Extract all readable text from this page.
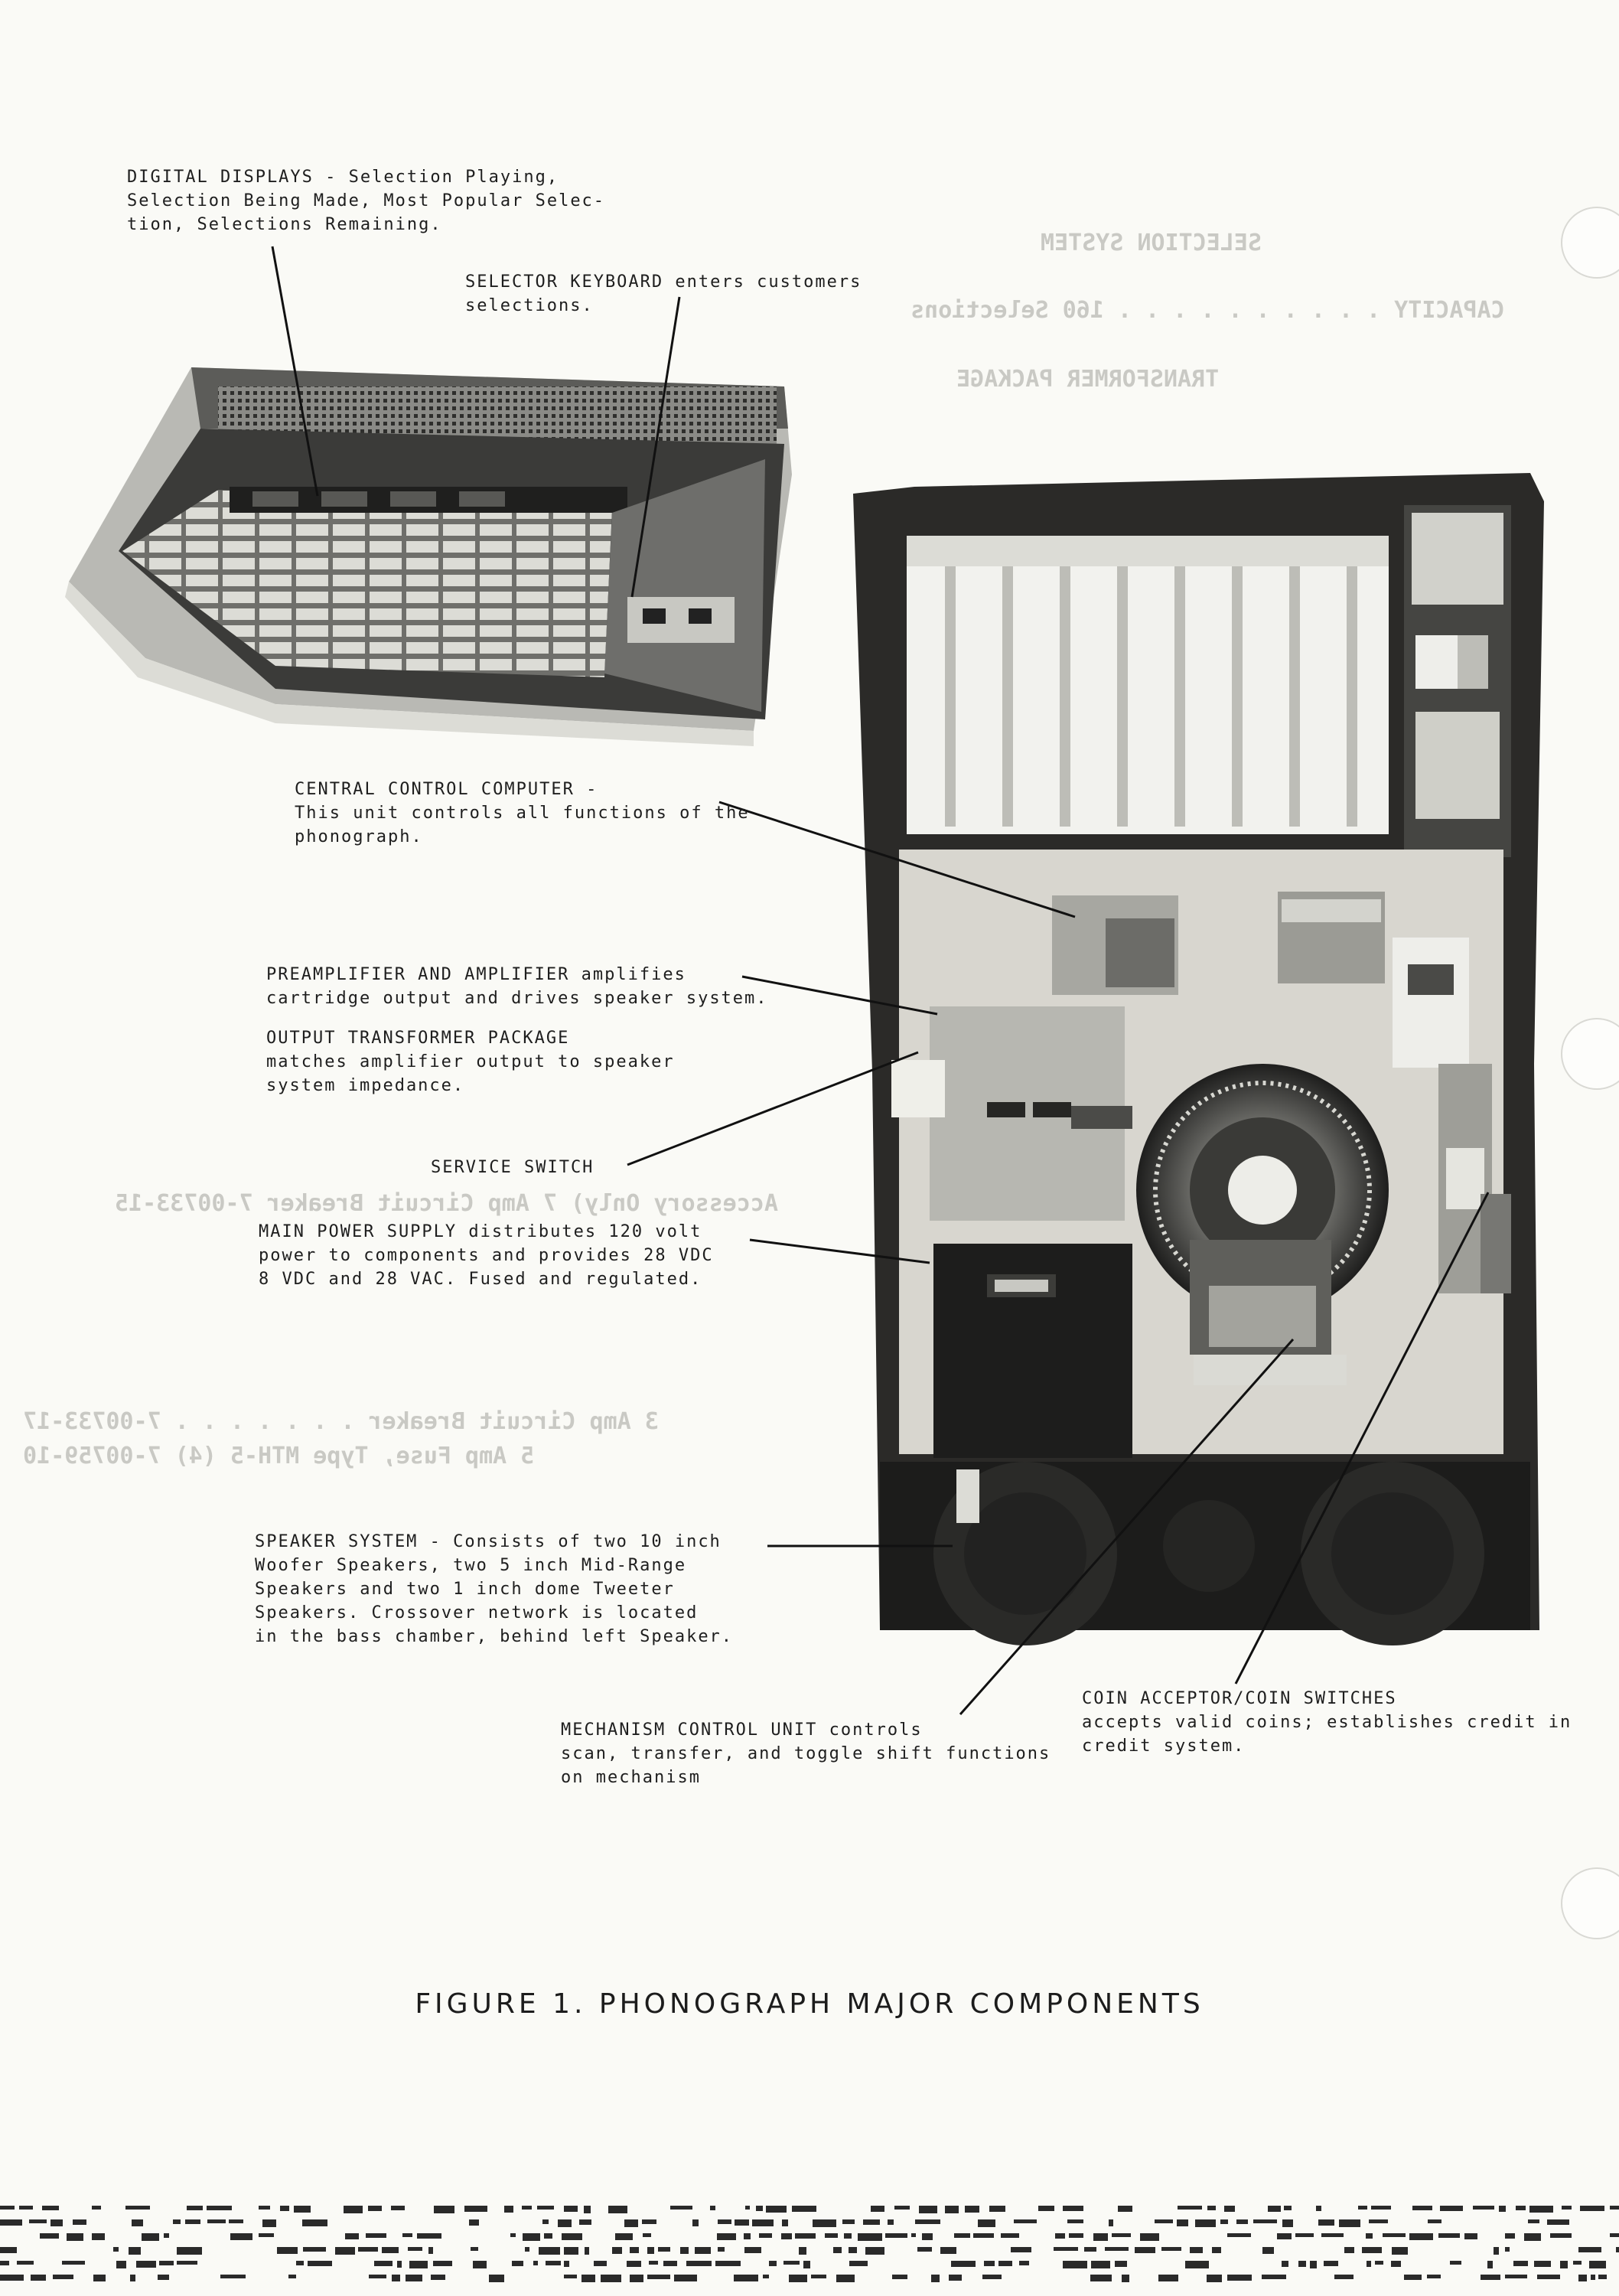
SELECTION SYSTEM
CAPACITY . . . . . . . . . . 160 Selections
TRANSFORMER PACKAGE
Accessory Only) 7 Amp Circuit Breaker 7-00733-15
3 Amp Circuit Breaker . . . . . . . 7-00733-17
5 Amp Fuse, Type MTH-5 (4) 7-00759-10
DIGITAL DISPLAYS - Selection Playing,
Selection Being Made, Most Popular Selec-
tion, Selections Remaining.
SELECTOR KEYBOARD enters customers
selections.
CENTRAL CONTROL COMPUTER -
This unit controls all functions of the
phonograph.
PREAMPLIFIER AND AMPLIFIER amplifies
cartridge output and drives speaker system.
OUTPUT TRANSFORMER PACKAGE
matches amplifier output to speaker
system impedance.
SERVICE SWITCH
MAIN POWER SUPPLY distributes 120 volt
power to components and provides 28 VDC
8 VDC and 28 VAC. Fused and regulated.
SPEAKER SYSTEM - Consists of two 10 inch
Woofer Speakers, two 5 inch Mid-Range
Speakers and two 1 inch dome Tweeter
Speakers. Crossover network is located
in the bass chamber, behind left Speaker.
MECHANISM CONTROL UNIT controls
scan, transfer, and toggle shift functions
on mechanism
COIN ACCEPTOR/COIN SWITCHES
accepts valid coins; establishes credit in
credit system.
FIGURE 1. PHONOGRAPH MAJOR COMPONENTS
